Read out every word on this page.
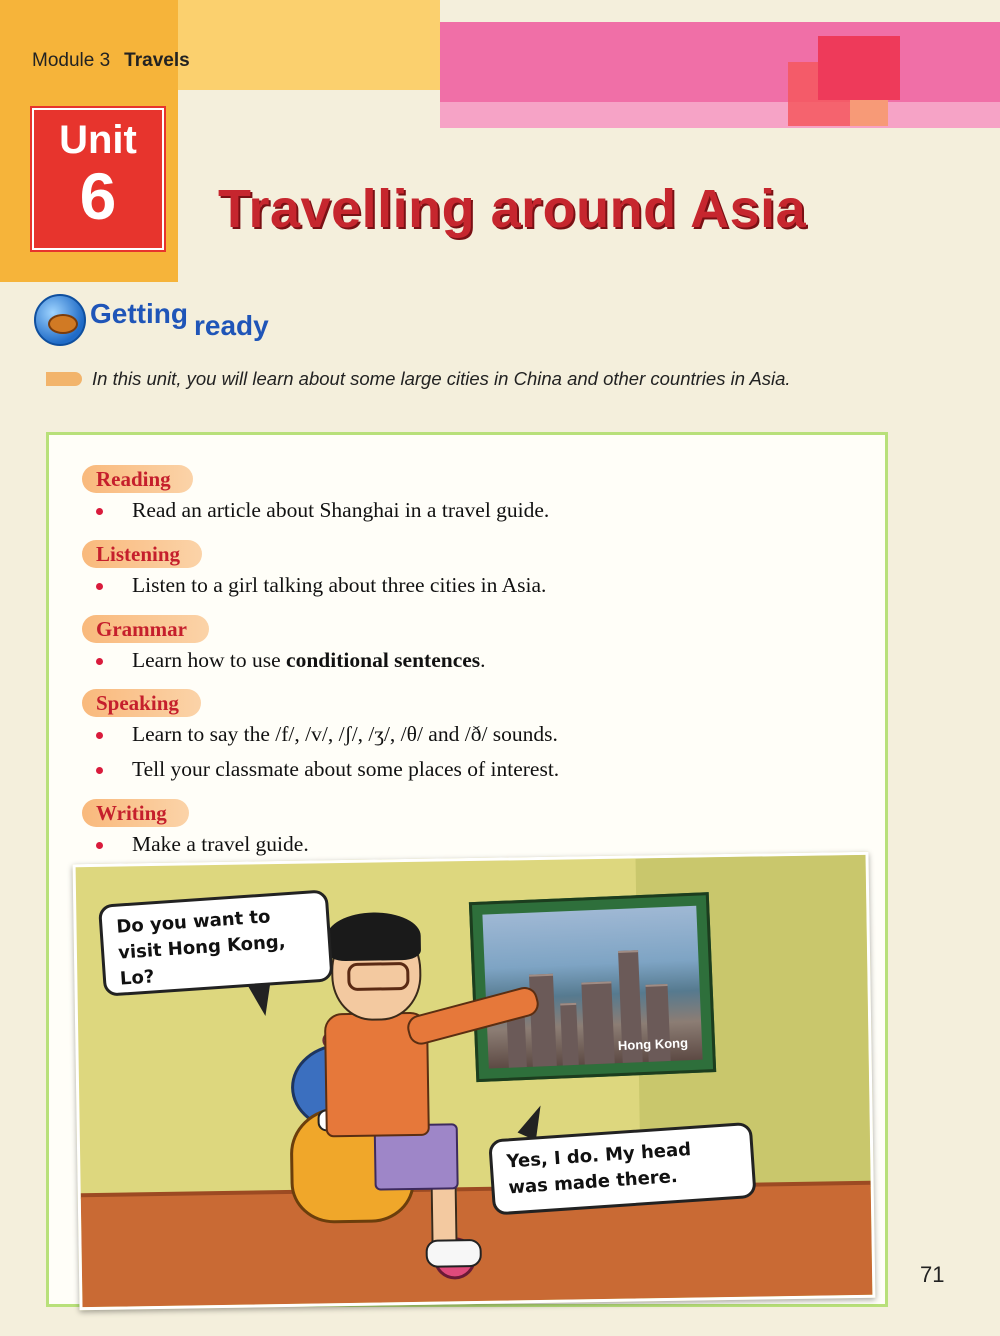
Module 3 Travels
Unit
6	Travelling around Asia
Getting ready
In this unit, you will learn about some large cities in China and other countries in Asia.
Reading
Read an article about Shanghai in a travel guide.
Listening
Listen to a girl talking about three cities in Asia.
Grammar
Learn how to use conditional sentences.
Speaking
Learn to say the /f/, /v/, /ʃ/, /ʒ/, /θ/ and /ð/ sounds.
Tell your classmate about some places of interest.
Writing
Make a travel guide.
Hong Kong
Do you want to visit Hong Kong, Lo?
Yes, I do. My head was made there.
71
